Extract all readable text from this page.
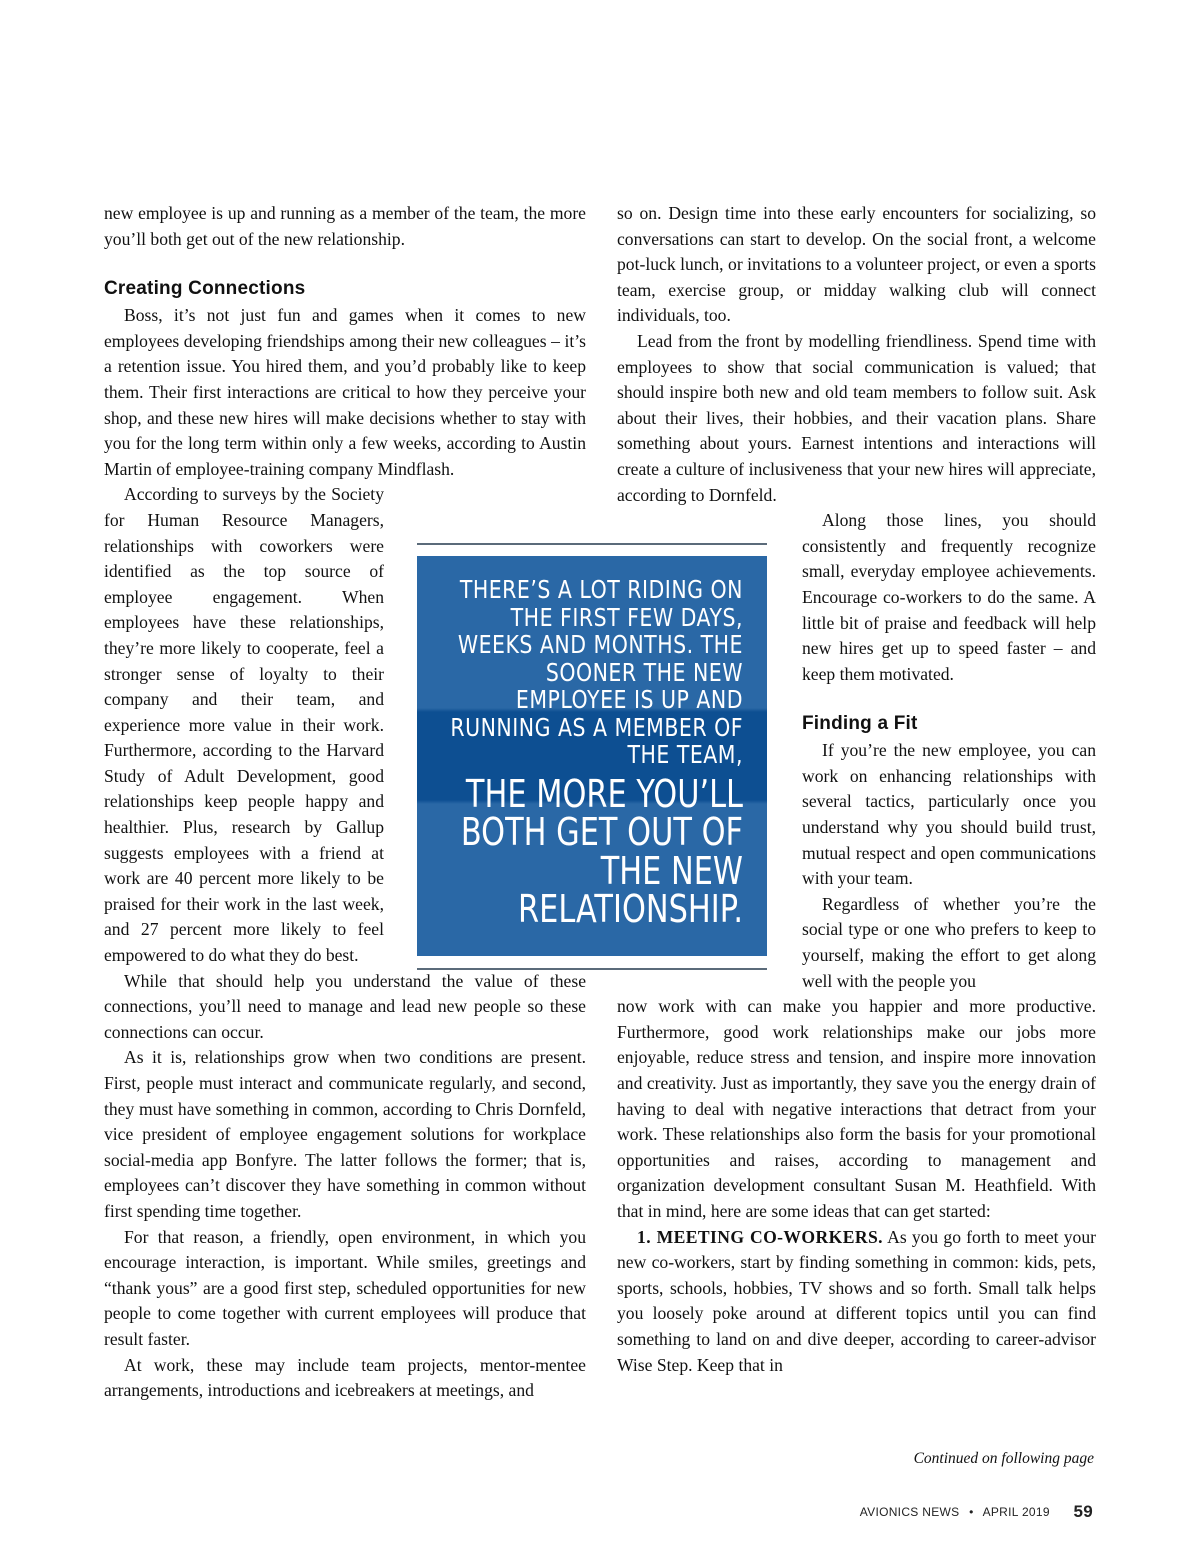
new employee is up and running as a member of the team, the more you’ll both get out of the new relationship.

Creating Connections

Boss, it’s not just fun and games when it comes to new employees developing friendships among their new colleagues – it’s a retention issue. You hired them, and you’d probably like to keep them. Their first interactions are critical to how they perceive your shop, and these new hires will make decisions whether to stay with you for the long term within only a few weeks, according to Austin Martin of employee-training company Mindflash.

According to surveys by the Society for Human Resource Managers, relationships with coworkers were identified as the top source of employee engagement. When employees have these relationships, they’re more likely to cooperate, feel a stronger sense of loyalty to their company and their team, and experience more value in their work. Furthermore, according to the Harvard Study of Adult Development, good relationships keep people happy and healthier. Plus, research by Gallup suggests employees with a friend at work are 40 percent more likely to be praised for their work in the last week, and 27 percent more likely to feel empowered to do what they do best.

While that should help you understand the value of these connections, you’ll need to manage and lead new people so these connections can occur.

As it is, relationships grow when two conditions are present. First, people must interact and communicate regularly, and second, they must have something in common, according to Chris Dornfeld, vice president of employee engagement solutions for workplace social-media app Bonfyre. The latter follows the former; that is, employees can’t discover they have something in common without first spending time together.

For that reason, a friendly, open environment, in which you encourage interaction, is important. While smiles, greetings and “thank yous” are a good first step, scheduled opportunities for new people to come together with current employees will produce that result faster.

At work, these may include team projects, mentor-mentee arrangements, introductions and icebreakers at meetings, and

so on. Design time into these early encounters for socializing, so conversations can start to develop. On the social front, a welcome pot-luck lunch, or invitations to a volunteer project, or even a sports team, exercise group, or midday walking club will connect individuals, too.

Lead from the front by modelling friendliness. Spend time with employees to show that social communication is valued; that should inspire both new and old team members to follow suit. Ask about their lives, their hobbies, and their vacation plans. Share something about yours. Earnest intentions and interactions will create a culture of inclusiveness that your new hires will appreciate, according to Dornfeld.

Along those lines, you should consistently and frequently recognize small, everyday employee achievements. Encourage co-workers to do the same. A little bit of praise and feedback will help new hires get up to speed faster – and keep them motivated.

Finding a Fit

If you’re the new employee, you can work on enhancing relationships with several tactics, particularly once you understand why you should build trust, mutual respect and open communications with your team.

Regardless of whether you’re the social type or one who prefers to keep to yourself, making the effort to get along well with the people you

now work with can make you happier and more productive. Furthermore, good work relationships make our jobs more enjoyable, reduce stress and tension, and inspire more innovation and creativity. Just as importantly, they save you the energy drain of having to deal with negative interactions that detract from your work. These relationships also form the basis for your promotional opportunities and raises, according to management and organization development consultant Susan M. Heathfield. With that in mind, here are some ideas that can get started:

1. MEETING CO-WORKERS. As you go forth to meet your new co-workers, start by finding something in common: kids, pets, sports, schools, hobbies, TV shows and so forth. Small talk helps you loosely poke around at different topics until you can find something to land on and dive deeper, according to career-advisor Wise Step. Keep that in

THERE’S A LOT RIDING ON THE FIRST FEW DAYS, WEEKS AND MONTHS. THE SOONER THE NEW EMPLOYEE IS UP AND RUNNING AS A MEMBER OF THE TEAM,
THE MORE YOU’LL BOTH GET OUT OF THE NEW RELATIONSHIP.
Continued on following page
AVIONICS NEWS • APRIL 2019 59
